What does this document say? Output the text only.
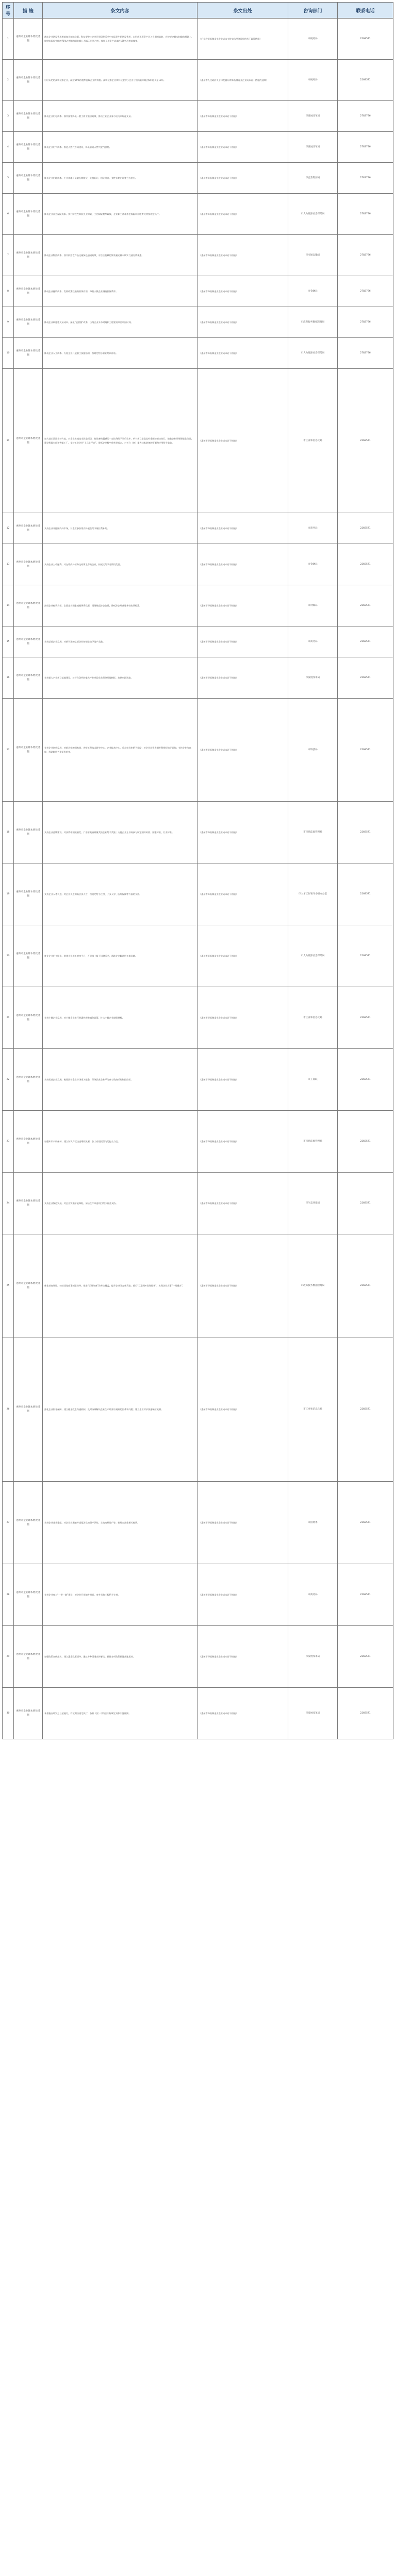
序号	措 施	条文内容	条文出处	咨询部门	联系电话
1	惠州市企业降本增效措施	落实企业研发费用税前加计扣除政策。科技型中小企业开展研发活动中实际发生的研发费用，未形成无形资产计入当期损益的，在按规定据实扣除的基础上，按照实际发生额的75%在税前加计扣除；形成无形资产的，按照无形资产成本的175%在税前摊销。	《广东省降低制造业企业成本支持实体经济发展的若干政策措施》	市税务局	2268571
2	惠州市企业降本增效措施	对经认定的高新技术企业，减按15%的税率征收企业所得税。高新技术企业和科技型中小企业亏损结转年限由5年延长至10年。	《惠州市人民政府关于印发惠州市降低制造业企业成本若干措施的通知》	市税务局	2268571
3	惠州市企业降本增效措施	降低企业用电成本。落实国家降低一般工商业电价政策，推动工业企业参与电力市场化交易。	《惠州市降低制造业企业成本若干措施》	市发展改革局	2782796
4	惠州市企业降本增效措施	降低企业用气成本。推进天然气管网建设，降低管道天然气配气价格。	《惠州市降低制造业企业成本若干措施》	市发展改革局	2782796
5	惠州市企业降本增效措施	降低企业用地成本。工业用地可采取长期租赁、先租后让、租让结合、弹性年期出让等方式供应。	《惠州市降低制造业企业成本若干措施》	市自然资源局	2782796
6	惠州市企业降本增效措施	降低企业社会保险成本。执行阶段性降低失业保险、工伤保险费率政策，企业职工基本养老保险单位缴费比例按规定执行。	《惠州市降低制造业企业成本若干措施》	市人力资源社会保障局	2782796
7	惠州市企业降本增效措施	降低企业物流成本。落实鲜活农产品运输绿色通道政策，对合法装载的集装箱运输车辆实行通行费优惠。	《惠州市降低制造业企业成本若干措施》	市交通运输局	2782796
8	惠州市企业降本增效措施	降低企业融资成本。发挥政策性融资担保作用，降低小微企业融资担保费率。	《惠州市降低制造业企业成本若干措施》	市金融局	2782796
9	惠州市企业降本增效措施	降低企业制度性交易成本。深化“放管服”改革，压缩企业开办时间和工程建设项目审批时间。	《惠州市降低制造业企业成本若干措施》	市政务服务数据管理局	2782796
10	惠州市企业降本增效措施	降低企业人工成本。支持企业开展职工技能培训，按规定给予职业培训补贴。	《惠州市降低制造业企业成本若干措施》	市人力资源社会保障局	2782796
11	惠州市企业降本增效措施	加大技术改造支持力度。对企业实施技术改造项目，按设备购置额的一定比例给予事后奖补，单个项目最高奖补金额按规定执行。鼓励企业开展智能化改造，建设智能车间和智能工厂。支持工业企业“上云上平台”，降低企业数字化转型成本。对首台（套）重大技术装备的研制和应用给予奖励。	《惠州市降低制造业企业成本若干措施》	市工业和信息化局	2268571
12	惠州市企业降本增效措施	支持企业开拓国内外市场，对企业参加境内外展会给予展位费补助。	《惠州市降低制造业企业成本若干措施》	市商务局	2268571
13	惠州市企业降本增效措施	支持企业上市融资。对在境内外证券交易所上市的企业，按规定给予分阶段奖励。	《惠州市降低制造业企业成本若干措施》	市金融局	2268571
14	惠州市企业降本增效措施	减轻企业税费负担。全面落实国家减税降费政策，清理规范涉企收费，降低涉企经营服务性收费标准。	《惠州市降低制造业企业成本若干措施》	市财政局	2268571
15	惠州市企业降本增效措施	支持总部企业发展。对新引进的总部企业按规定给予落户奖励。	《惠州市降低制造业企业成本若干措施》	市商务局	2268571
16	惠州市企业降本增效措施	支持重大产业项目落地建设，对符合条件的重大产业项目优先保障用地指标，加快审批进度。	《惠州市降低制造业企业成本若干措施》	市发展改革局	2268571
17	惠州市企业降本增效措施	支持企业创新发展。对新认定的国家级、省级工程技术研究中心、企业技术中心、重点实验室给予奖励；对企业获得发明专利授权给予资助；支持企业与高校、科研院所共建研发机构。	《惠州市降低制造业企业成本若干措施》	市科技局	2268571
18	惠州市企业降本增效措施	支持企业品牌建设。对获得中国质量奖、广东省政府质量奖的企业给予奖励；支持企业主导或参与制定国际标准、国家标准、行业标准。	《惠州市降低制造业企业成本若干措施》	市市场监督管理局	2268571
19	惠州市企业降本增效措施	支持企业人才引进。对企业引进的高层次人才，按规定给予住房、子女入学、医疗保障等方面的支持。	《惠州市降低制造业企业成本若干措施》	市人才工作领导小组办公室	2268571
20	惠州市企业降本增效措施	优化企业用工服务。搭建企业用工对接平台，开展线上线下招聘活动，帮助企业解决招工难问题。	《惠州市降低制造业企业成本若干措施》	市人力资源社会保障局	2268571
21	惠州市企业降本增效措施	支持小微企业发展。对小微企业实行普惠性税收减免政策，扩大小微企业融资规模。	《惠州市降低制造业企业成本若干措施》	市工业和信息化局	2268571
22	惠州市企业降本增效措施	支持民营企业发展。破除民营企业市场准入壁垒，保障民营企业平等参与政府采购和招投标。	《惠州市降低制造业企业成本若干措施》	市工商联	2268571
23	惠州市企业降本增效措施	加强知识产权保护。建立知识产权快速维权机制，加大对侵权行为的打击力度。	《惠州市降低制造业企业成本若干措施》	市市场监督管理局	2268571
24	惠州市企业降本增效措施	支持企业绿色发展。对企业实施节能降耗、清洁生产改造项目给予资金支持。	《惠州市降低制造业企业成本若干措施》	市生态环境局	2268571
25	惠州市企业降本增效措施	优化营商环境。持续深化商事制度改革，推进“证照分离”改革全覆盖，提升企业开办便利度；推行“互联网+政务服务”，实现企业办事“一网通办”。	《惠州市降低制造业企业成本若干措施》	市政务服务数据管理局	2268571
26	惠州市企业降本增效措施	强化企业服务保障。建立健全政企沟通机制，及时协调解决企业生产经营中遇到的困难和问题；建立企业诉求快速响应机制。	《惠州市降低制造业企业成本若干措施》	市工业和信息化局	2268571
27	惠州市企业降本增效措施	支持企业兼并重组。对企业实施兼并重组涉及的资产评估、土地房屋过户等，按规定减免相关税费。	《惠州市降低制造业企业成本若干措施》	市国资委	2268571
28	惠州市企业降本增效措施	支持企业参与“一带一路”建设，对企业开展境外投资、对外承包工程给予支持。	《惠州市降低制造业企业成本若干措施》	市商务局	2268571
29	惠州市企业降本增效措施	加强政策宣传落实。建立惠企政策清单，通过多种渠道宣传解读，确保各项政策措施落地见效。	《惠州市降低制造业企业成本若干措施》	市发展改革局	2268571
30	惠州市企业降本增效措施	本措施自印发之日起施行，有效期按规定执行。各县（区）可结合实际制定具体实施细则。	《惠州市降低制造业企业成本若干措施》	市发展改革局	2268571
